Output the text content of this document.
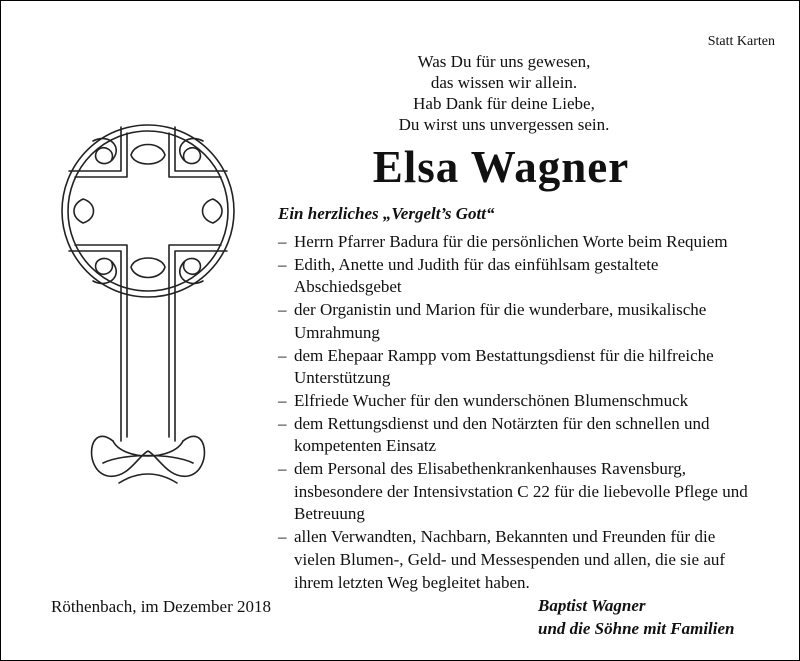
Statt Karten
Was Du für uns gewesen,
das wissen wir allein.
Hab Dank für deine Liebe,
Du wirst uns unvergessen sein.
Elsa Wagner
Ein herzliches „Vergelt’s Gott“
– Herrn Pfarrer Badura für die persönlichen Worte beim Requiem
– Edith, Anette und Judith für das einfühlsam gestaltete Abschiedsgebet
– der Organistin und Marion für die wunderbare, musikalische Umrahmung
– dem Ehepaar Rampp vom Bestattungsdienst für die hilfreiche Unterstützung
– Elfriede Wucher für den wunderschönen Blumenschmuck
– dem Rettungsdienst und den Notärzten für den schnellen und kompetenten Einsatz
– dem Personal des Elisabethenkrankenhauses Ravensburg, insbesondere der Intensivstation C 22 für die liebevolle Pflege und Betreuung
– allen Verwandten, Nachbarn, Bekannten und Freunden für die vielen Blumen-, Geld- und Messespenden und allen, die sie auf ihrem letzten Weg begleitet haben.
Röthenbach, im Dezember 2018	Baptist Wagner
und die Söhne mit Familien
